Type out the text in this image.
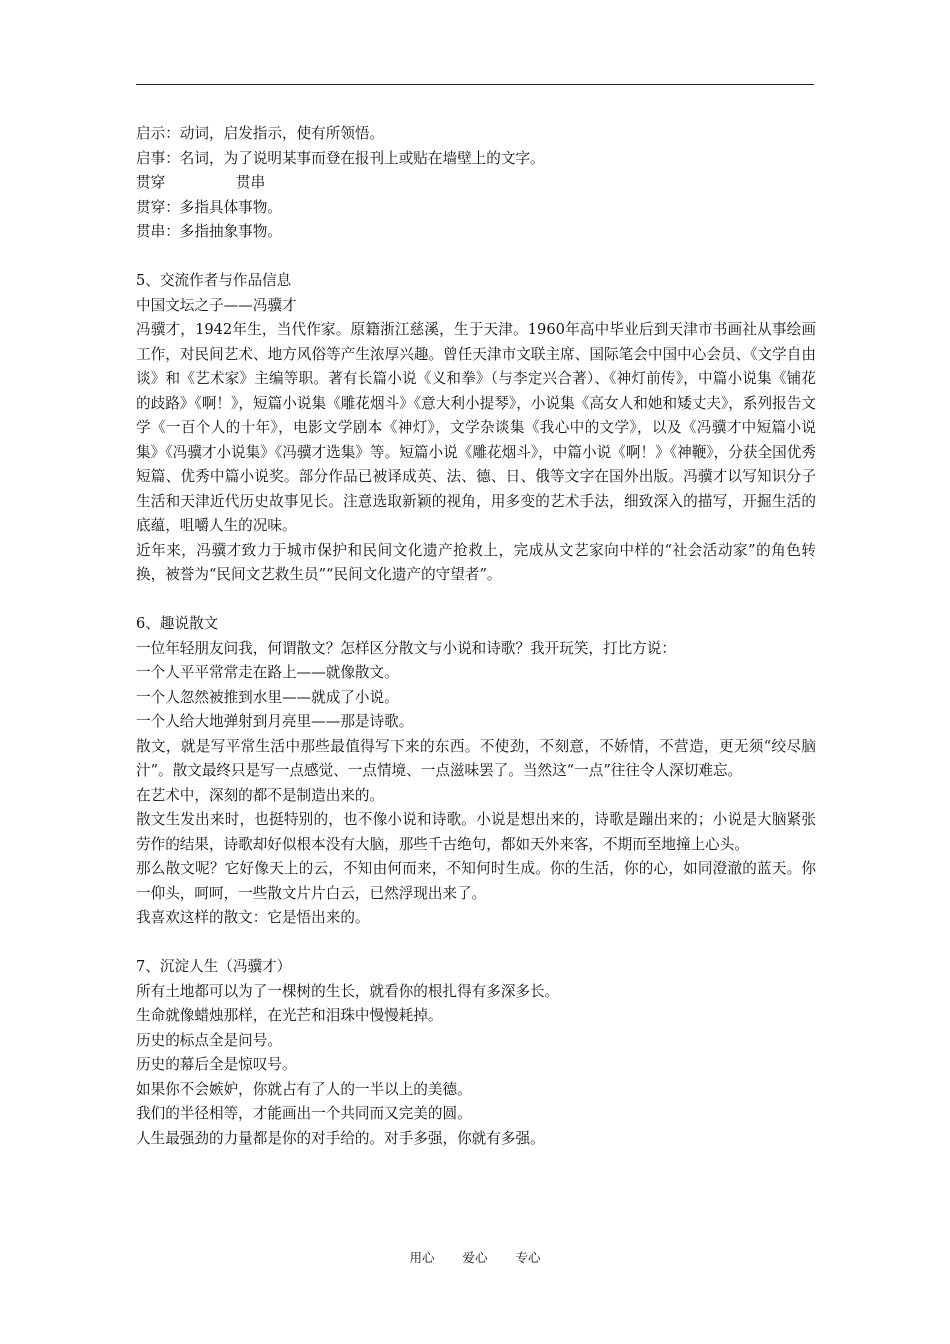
启示：动词，启发指示，使有所领悟。

启事：名词，为了说明某事而登在报刊上或贴在墙壁上的文字。

贯穿	贯串

贯穿：多指具体事物。

贯串：多指抽象事物。

5、交流作者与作品信息

中国文坛之子——冯骥才

冯骥才，1942年生，当代作家。原籍浙江慈溪，生于天津。1960年高中毕业后到天津市书画社从事绘画工作，对民间艺术、地方风俗等产生浓厚兴趣。曾任天津市文联主席、国际笔会中国中心会员、《文学自由谈》和《艺术家》主编等职。著有长篇小说《义和拳》（与李定兴合著）、《神灯前传》，中篇小说集《铺花的歧路》《啊！》，短篇小说集《雕花烟斗》《意大利小提琴》，小说集《高女人和她和矮丈夫》，系列报告文学《一百个人的十年》，电影文学剧本《神灯》，文学杂谈集《我心中的文学》，以及《冯骥才中短篇小说集》《冯骥才小说集》《冯骥才选集》等。短篇小说《雕花烟斗》，中篇小说《啊！》《神鞭》，分获全国优秀短篇、优秀中篇小说奖。部分作品已被译成英、法、德、日、俄等文字在国外出版。冯骥才以写知识分子生活和天津近代历史故事见长。注意选取新颖的视角，用多变的艺术手法，细致深入的描写，开掘生活的底蕴，咀嚼人生的况味。

近年来，冯骥才致力于城市保护和民间文化遗产抢救上，完成从文艺家向中样的“社会活动家”的角色转换，被誉为“民间文艺救生员”“民间文化遗产的守望者”。

6、趣说散文

一位年轻朋友问我，何谓散文？怎样区分散文与小说和诗歌？我开玩笑，打比方说：

一个人平平常常走在路上——就像散文。

一个人忽然被推到水里——就成了小说。

一个人给大地弹射到月亮里——那是诗歌。

散文，就是写平常生活中那些最值得写下来的东西。不使劲，不刻意，不娇情，不营造，更无须“绞尽脑汁”。散文最终只是写一点感觉、一点情境、一点滋味罢了。当然这“一点”往往令人深切难忘。

在艺术中，深刻的都不是制造出来的。

散文生发出来时，也挺特别的，也不像小说和诗歌。小说是想出来的，诗歌是蹦出来的；小说是大脑紧张劳作的结果，诗歌却好似根本没有大脑，那些千古绝句，都如天外来客，不期而至地撞上心头。

那么散文呢？它好像天上的云，不知由何而来，不知何时生成。你的生活，你的心，如同澄澈的蓝天。你一仰头，呵呵，一些散文片片白云，已然浮现出来了。

我喜欢这样的散文：它是悟出来的。

7、沉淀人生（冯骥才）

所有土地都可以为了一棵树的生长，就看你的根扎得有多深多长。

生命就像蜡烛那样，在光芒和泪珠中慢慢耗掉。

历史的标点全是问号。

历史的幕后全是惊叹号。

如果你不会嫉妒，你就占有了人的一半以上的美德。

我们的半径相等，才能画出一个共同而又完美的圆。

人生最强劲的力量都是你的对手给的。对手多强，你就有多强。

用心 爱心 专心
